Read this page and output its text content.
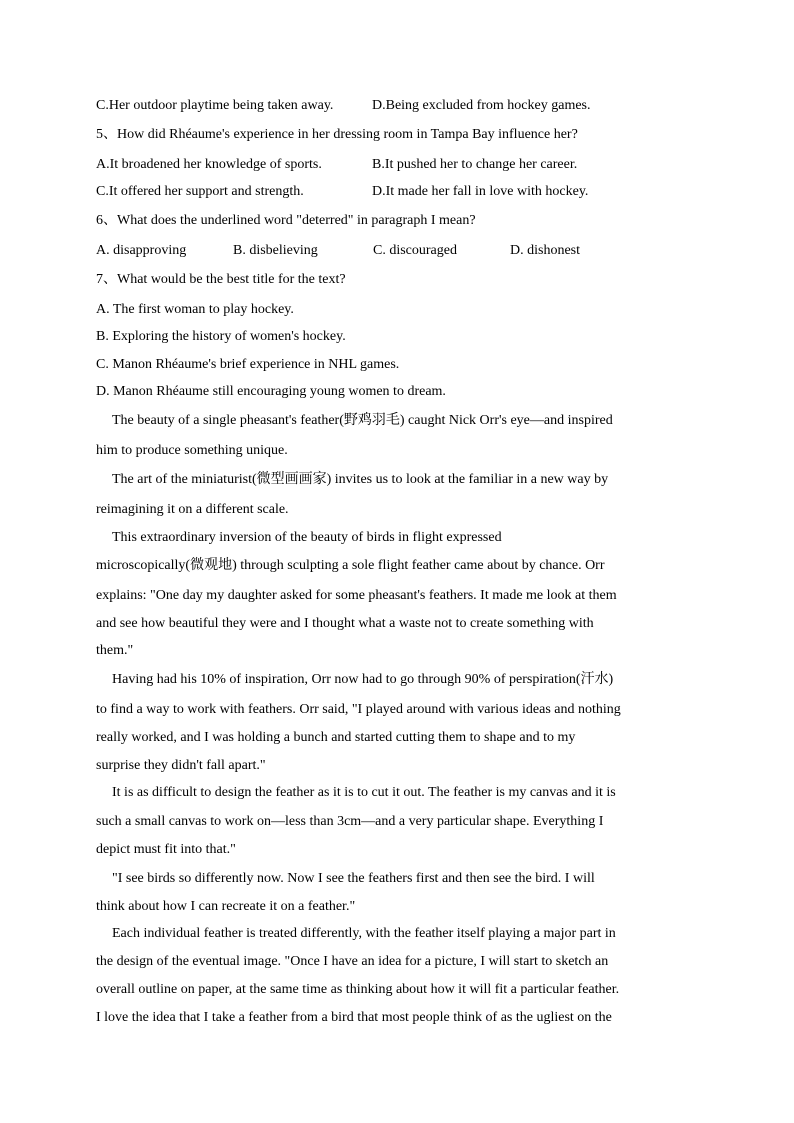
C.Her outdoor playtime being taken away.	D.Being excluded from hockey games.
5、How did Rhéaume's experience in her dressing room in Tampa Bay influence her?
A.It broadened her knowledge of sports.	B.It pushed her to change her career.
C.It offered her support and strength.	D.It made her fall in love with hockey.
6、What does the underlined word "deterred" in paragraph I mean?
A. disapproving	B. disbelieving	C. discouraged	D. dishonest
7、What would be the best title for the text?
A. The first woman to play hockey.
B. Exploring the history of women's hockey.
C. Manon Rhéaume's brief experience in NHL games.
D. Manon Rhéaume still encouraging young women to dream.
The beauty of a single pheasant's feather(野鸡羽毛) caught Nick Orr's eye—and inspired
him to produce something unique.
The art of the miniaturist(微型画画家) invites us to look at the familiar in a new way by
reimagining it on a different scale.
This extraordinary inversion of the beauty of birds in flight expressed
microscopically(微观地) through sculpting a sole flight feather came about by chance. Orr
explains: "One day my daughter asked for some pheasant's feathers. It made me look at them
and see how beautiful they were and I thought what a waste not to create something with
them."
Having had his 10% of inspiration, Orr now had to go through 90% of perspiration(汗水)
to find a way to work with feathers. Orr said, "I played around with various ideas and nothing
really worked, and I was holding a bunch and started cutting them to shape and to my
surprise they didn't fall apart."
It is as difficult to design the feather as it is to cut it out. The feather is my canvas and it is
such a small canvas to work on—less than 3cm—and a very particular shape. Everything I
depict must fit into that."
"I see birds so differently now. Now I see the feathers first and then see the bird. I will
think about how I can recreate it on a feather."
Each individual feather is treated differently, with the feather itself playing a major part in
the design of the eventual image. "Once I have an idea for a picture, I will start to sketch an
overall outline on paper, at the same time as thinking about how it will fit a particular feather.
I love the idea that I take a feather from a bird that most people think of as the ugliest on the
